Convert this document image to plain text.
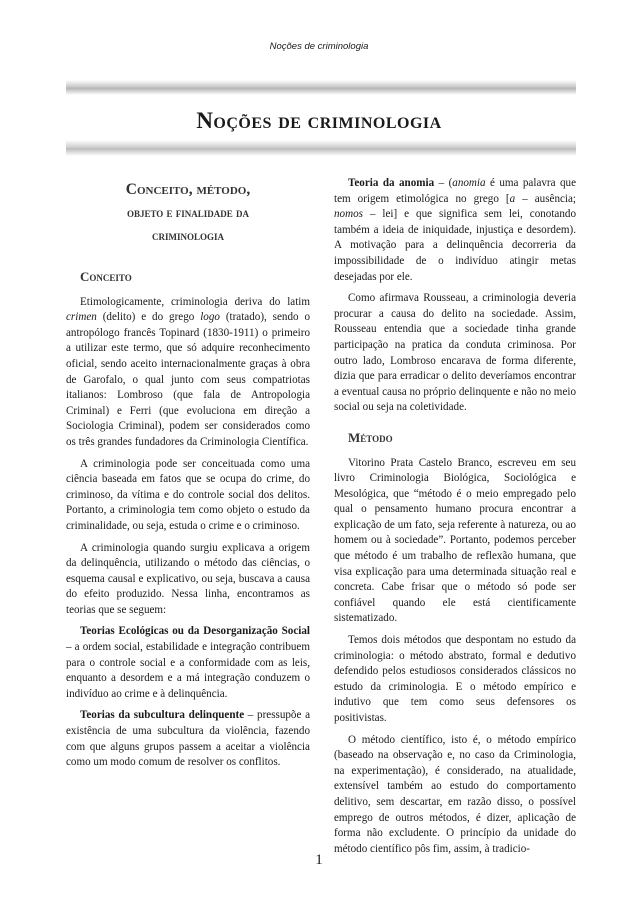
Noções de criminologia
Noções de criminologia
Conceito, método,
objeto e finalidade da
criminologia
Conceito

Etimologicamente, criminologia deriva do latim crimen (delito) e do grego logo (tratado), sendo o antropólogo francês Topinard (1830-1911) o primeiro a utilizar este termo, que só adquire reconhecimento oficial, sendo aceito internacionalmente graças à obra de Garofalo, o qual junto com seus compatriotas italianos: Lombroso (que fala de Antropologia Criminal) e Ferri (que evoluciona em direção a Sociologia Criminal), podem ser considerados como os três grandes fundadores da Criminologia Científica.

A criminologia pode ser conceituada como uma ciência baseada em fatos que se ocupa do crime, do criminoso, da vítima e do controle social dos delitos. Portanto, a criminologia tem como objeto o estudo da criminalidade, ou seja, estuda o crime e o criminoso.

A criminologia quando surgiu explicava a origem da delinquência, utilizando o método das ciências, o esquema causal e explicativo, ou seja, buscava a causa do efeito produzido. Nessa linha, encontramos as teorias que se seguem:

Teorias Ecológicas ou da Desorganização Social – a ordem social, estabilidade e integração contribuem para o controle social e a conformidade com as leis, enquanto a desordem e a má integração conduzem o indivíduo ao crime e à delinquência.

Teorias da subcultura delinquente – pressupõe a existência de uma subcultura da violência, fazendo com que alguns grupos passem a aceitar a violência como um modo comum de resolver os conflitos.

Teoria da anomia – (anomia é uma palavra que tem origem etimológica no grego [a – ausência; nomos – lei] e que significa sem lei, conotando também a ideia de iniquidade, injustiça e desordem). A motivação para a delinquência decorreria da impossibilidade de o indivíduo atingir metas desejadas por ele.

Como afirmava Rousseau, a criminologia deveria procurar a causa do delito na sociedade. Assim, Rousseau entendia que a sociedade tinha grande participação na pratica da conduta criminosa. Por outro lado, Lombroso encarava de forma diferente, dizia que para erradicar o delito deveríamos encontrar a eventual causa no próprio delinquente e não no meio social ou seja na coletividade.

Método

Vitorino Prata Castelo Branco, escreveu em seu livro Criminologia Biológica, Sociológica e Mesológica, que “método é o meio empregado pelo qual o pensamento humano procura encontrar a explicação de um fato, seja referente à natureza, ou ao homem ou à sociedade”. Portanto, podemos perceber que método é um trabalho de reflexão humana, que visa explicação para uma determinada situação real e concreta. Cabe frisar que o método só pode ser confiável quando ele está cientificamente sistematizado.

Temos dois métodos que despontam no estudo da criminologia: o método abstrato, formal e dedutivo defendido pelos estudiosos considerados clássicos no estudo da criminologia. E o método empírico e indutivo que tem como seus defensores os positivistas.

O método científico, isto é, o método empírico (baseado na observação e, no caso da Criminologia, na experimentação), é considerado, na atualidade, extensível também ao estudo do comportamento delitivo, sem descartar, em razão disso, o possível emprego de outros métodos, é dizer, aplicação de forma não excludente. O princípio da unidade do método científico pôs fim, assim, à tradicio-

1
